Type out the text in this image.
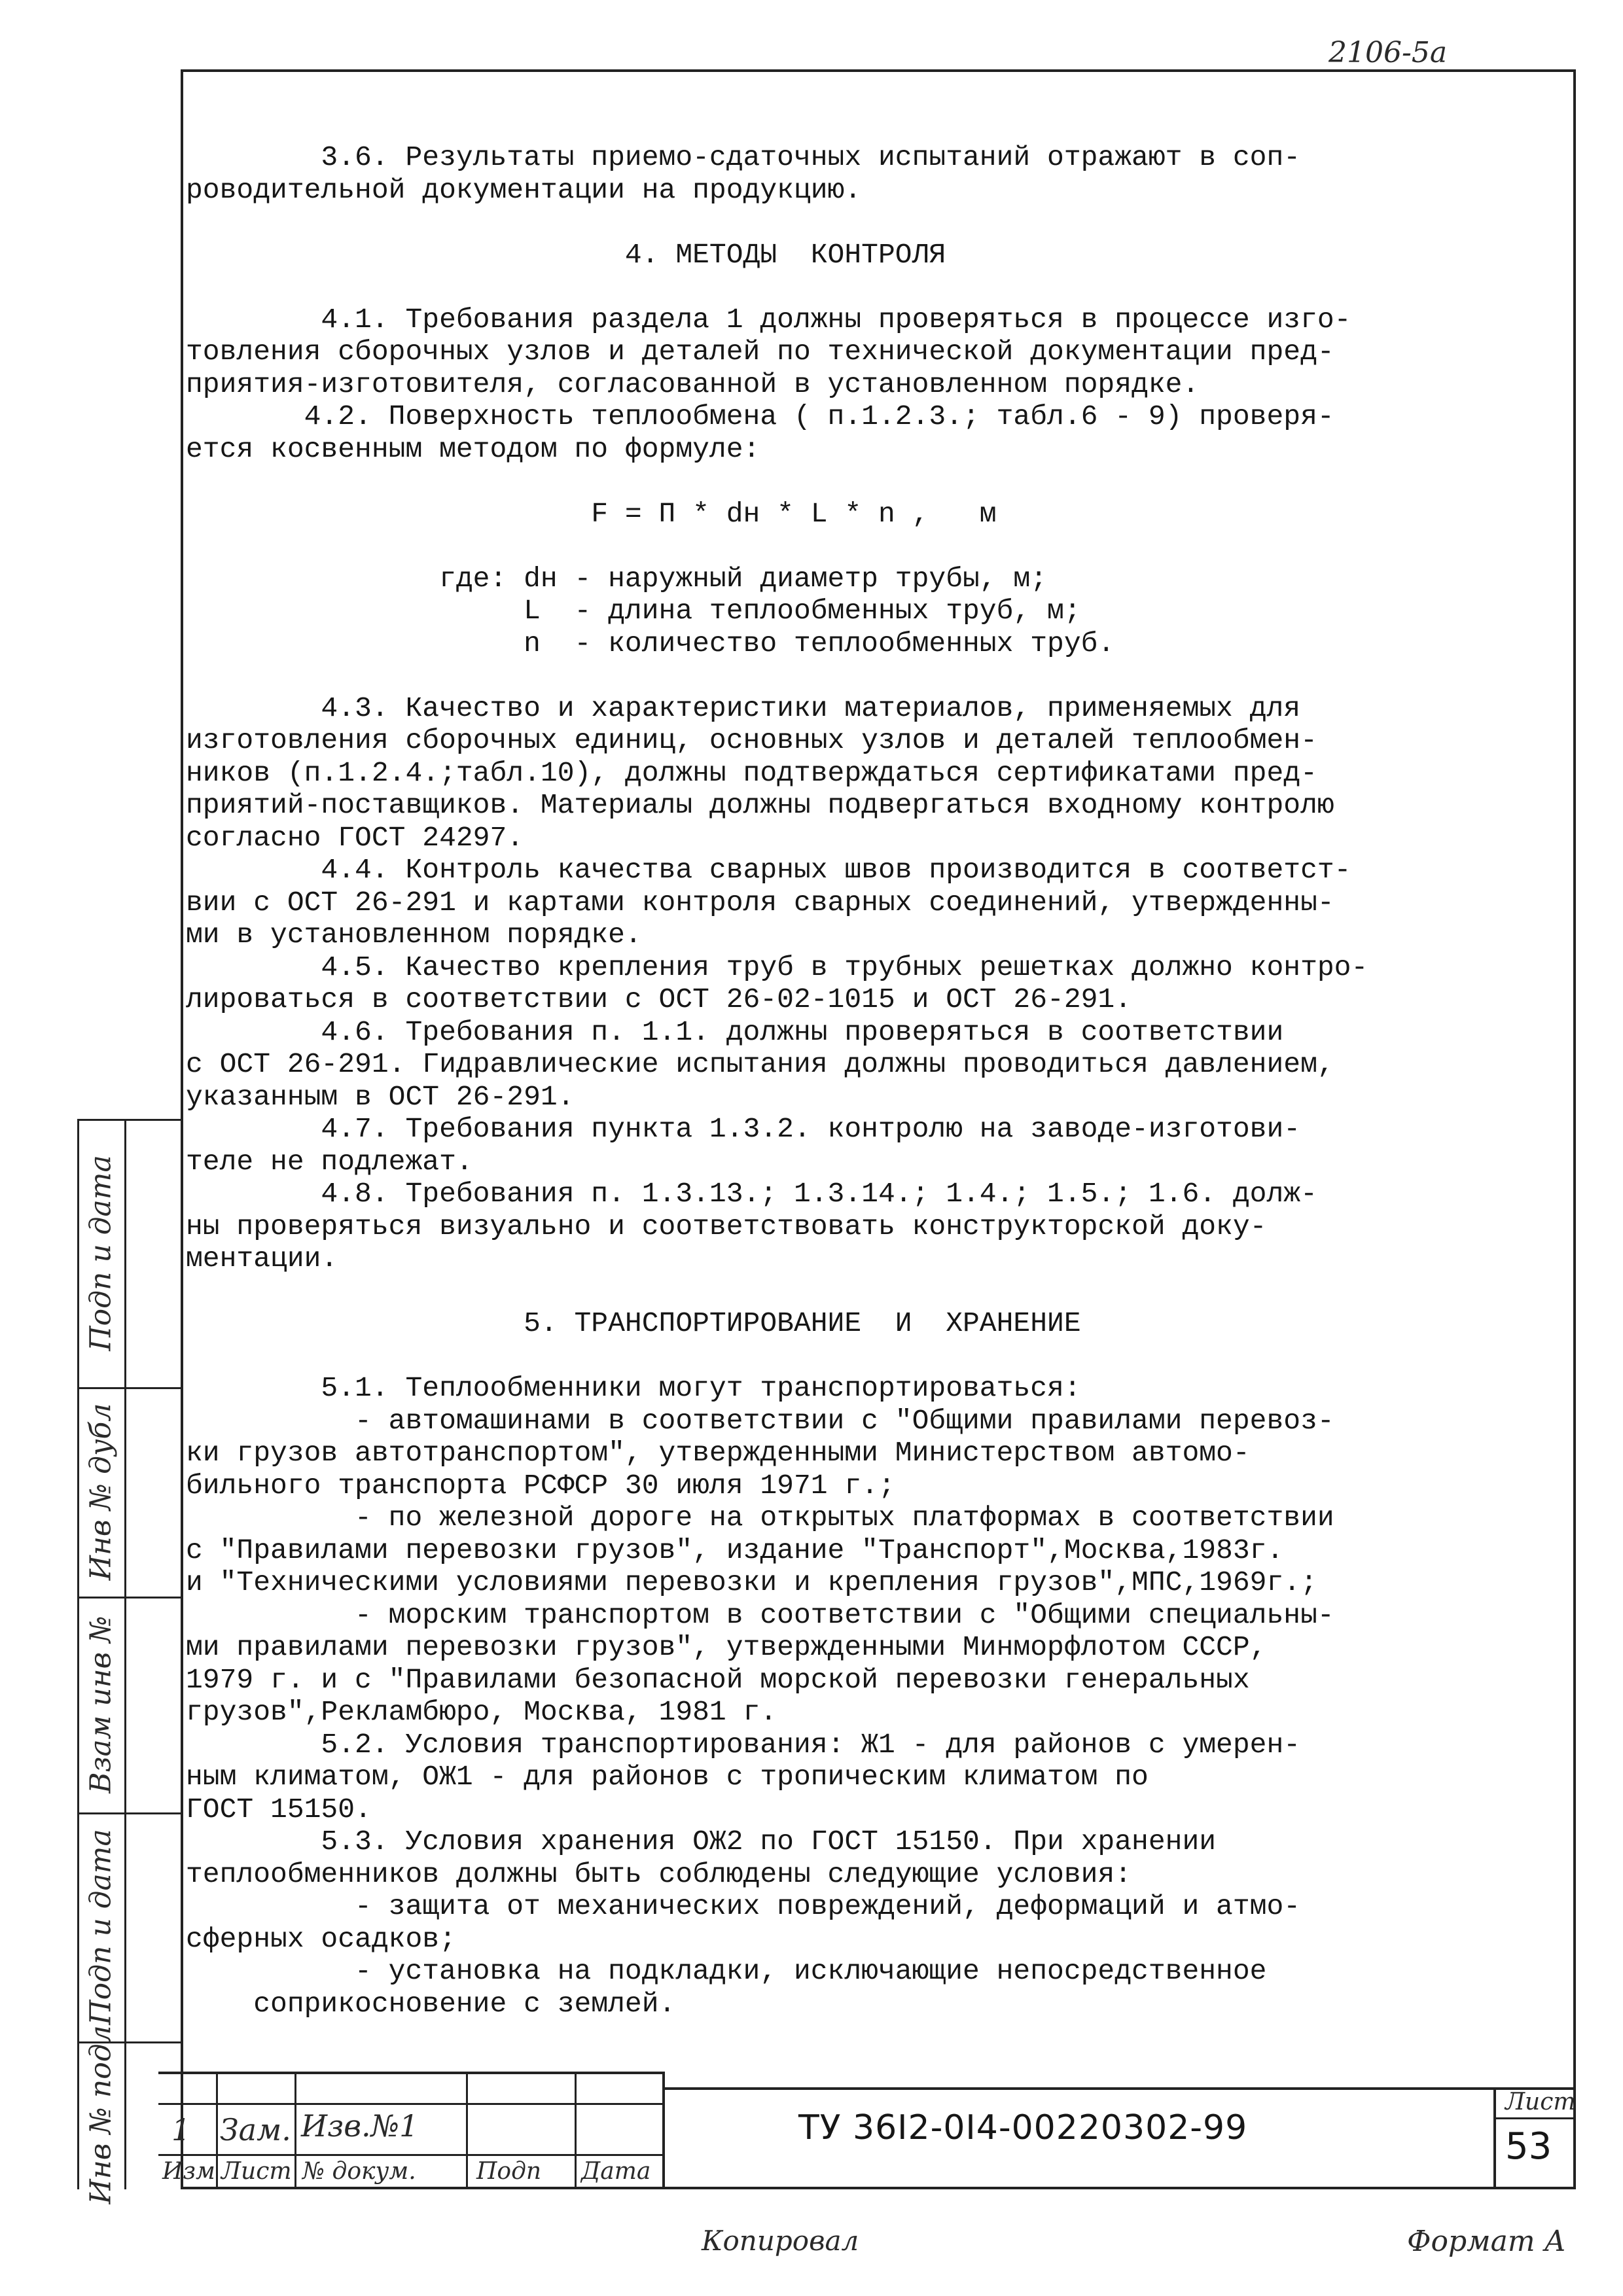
2106-5a
Подп и дата
Инв № дубл
Взам инв №
Подп и дата
Инв № подл
3.6. Результаты приемо-сдаточных испытаний отражают в соп-
роводительной документации на продукцию.
4. МЕТОДЫ  КОНТРОЛЯ
4.1. Требования раздела 1 должны проверяться в процессе изго-
товления сборочных узлов и деталей по технической документации пред-
приятия-изготовителя, согласованной в установленном порядке.
4.2. Поверхность теплообмена ( п.1.2.3.; табл.6 - 9) проверя-
ется косвенным методом по формуле:
F = П * dн * L * n ,   м
где: dн - наружный диаметр трубы, м;
L  - длина теплообменных труб, м;
n  - количество теплообменных труб.
4.3. Качество и характеристики материалов, применяемых для
изготовления сборочных единиц, основных узлов и деталей теплообмен-
ников (п.1.2.4.;табл.10), должны подтверждаться сертификатами пред-
приятий-поставщиков. Материалы должны подвергаться входному контролю
согласно ГОСТ 24297.
4.4. Контроль качества сварных швов производится в соответст-
вии с ОСТ 26-291 и картами контроля сварных соединений, утвержденны-
ми в установленном порядке.
4.5. Качество крепления труб в трубных решетках должно контро-
лироваться в соответствии с ОСТ 26-02-1015 и ОСТ 26-291.
4.6. Требования п. 1.1. должны проверяться в соответствии
с ОСТ 26-291. Гидравлические испытания должны проводиться давлением,
указанным в ОСТ 26-291.
4.7. Требования пункта 1.3.2. контролю на заводе-изготови-
теле не подлежат.
4.8. Требования п. 1.3.13.; 1.3.14.; 1.4.; 1.5.; 1.6. долж-
ны проверяться визуально и соответствовать конструкторской доку-
ментации.
5. ТРАНСПОРТИРОВАНИЕ  И  ХРАНЕНИЕ
5.1. Теплообменники могут транспортироваться:
- автомашинами в соответствии с "Общими правилами перевоз-
ки грузов автотранспортом", утвержденными Министерством автомо-
бильного транспорта РСФСР 30 июля 1971 г.;
- по железной дороге на открытых платформах в соответствии
с "Правилами перевозки грузов", издание "Транспорт",Москва,1983г.
и "Техническими условиями перевозки и крепления грузов",МПС,1969г.;
- морским транспортом в соответствии с "Общими специальны-
ми правилами перевозки грузов", утвержденными Минморфлотом СССР,
1979 г. и с "Правилами безопасной морской перевозки генеральных
грузов",Рекламбюро, Москва, 1981 г.
5.2. Условия транспортирования: Ж1 - для районов с умерен-
ным климатом, ОЖ1 - для районов с тропическим климатом по
ГОСТ 15150.
5.3. Условия хранения ОЖ2 по ГОСТ 15150. При хранении
теплообменников должны быть соблюдены следующие условия:
- защита от механических повреждений, деформаций и атмо-
сферных осадков;
- установка на подкладки, исключающие непосредственное
соприкосновение с землей.
1 Зам. Изв.№1
Изм Лист № докум.	Подп Дата
ТУ 36I2-0I4-00220302-99
Лист
53
Копировал	Формат А
